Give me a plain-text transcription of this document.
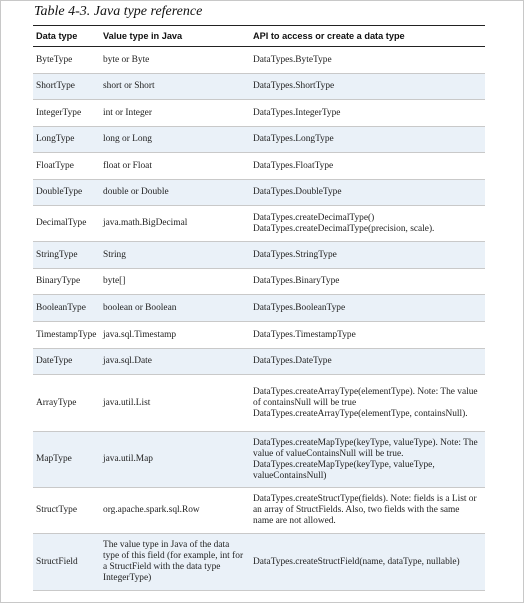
Table 4-3. Java type reference
Data type	Value type in Java	API to access or create a data type
ByteType	byte or Byte	DataTypes.ByteType
ShortType	short or Short	DataTypes.ShortType
IntegerType	int or Integer	DataTypes.IntegerType
LongType	long or Long	DataTypes.LongType
FloatType	float or Float	DataTypes.FloatType
DoubleType	double or Double	DataTypes.DoubleType
DecimalType	java.math.BigDecimal	DataTypes.createDecimalType()
DataTypes.createDecimalType(precision, scale).
StringType	String	DataTypes.StringType
BinaryType	byte[]	DataTypes.BinaryType
BooleanType	boolean or Boolean	DataTypes.BooleanType
TimestampType	java.sql.Timestamp	DataTypes.TimestampType
DateType	java.sql.Date	DataTypes.DateType
ArrayType	java.util.List	DataTypes.createArrayType(elementType). Note: The value of containsNull will be true DataTypes.createArrayType(elementType, containsNull).
MapType	java.util.Map	DataTypes.createMapType(keyType, valueType). Note: The value of valueContainsNull will be true. DataTypes.createMapType(keyType, valueType, valueContainsNull)
StructType	org.apache.spark.sql.Row	DataTypes.createStructType(fields). Note: fields is a List or an array of StructFields. Also, two fields with the same name are not allowed.
StructField	The value type in Java of the data type of this field (for example, int for a StructField with the data type IntegerType)	DataTypes.createStructField(name, dataType, nullable)
